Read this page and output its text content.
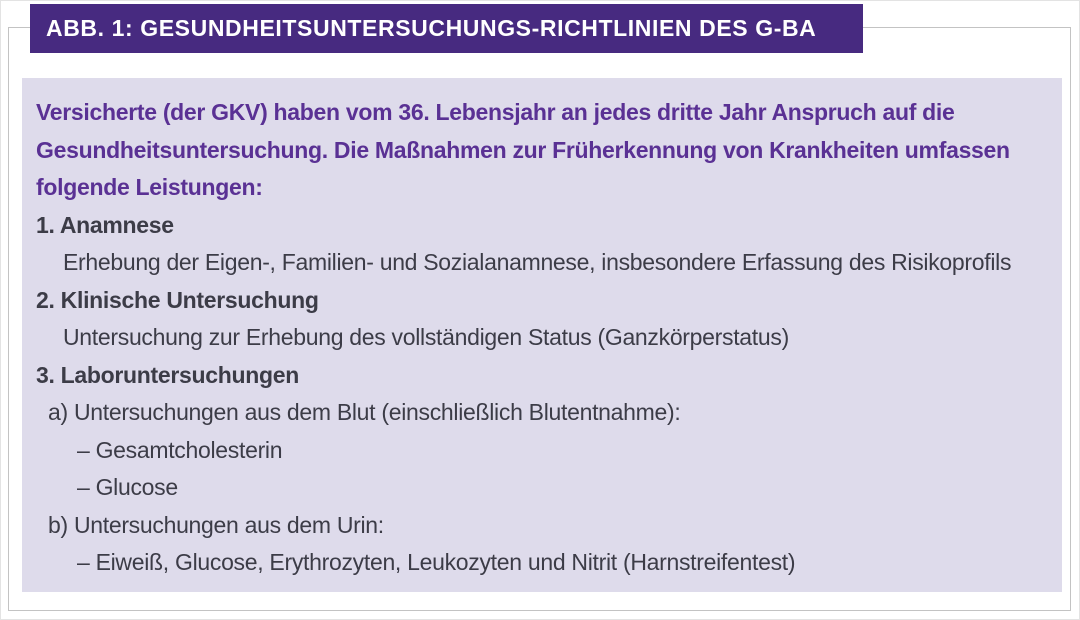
ABB. 1: GESUNDHEITSUNTERSUCHUNGS-RICHTLINIEN DES G-BA
Versicherte (der GKV) haben vom 36. Lebensjahr an jedes dritte Jahr Anspruch auf die
Gesundheitsuntersuchung. Die Maßnahmen zur Früherkennung von Krankheiten umfassen
folgende Leistungen:
1. Anamnese
Erhebung der Eigen-, Familien- und Sozialanamnese, insbesondere Erfassung des Risikoprofils
2. Klinische Untersuchung
Untersuchung zur Erhebung des vollständigen Status (Ganzkörperstatus)
3. Laboruntersuchungen
a) Untersuchungen aus dem Blut (einschließlich Blutentnahme):
– Gesamtcholesterin
– Glucose
b) Untersuchungen aus dem Urin:
– Eiweiß, Glucose, Erythrozyten, Leukozyten und Nitrit (Harnstreifentest)
